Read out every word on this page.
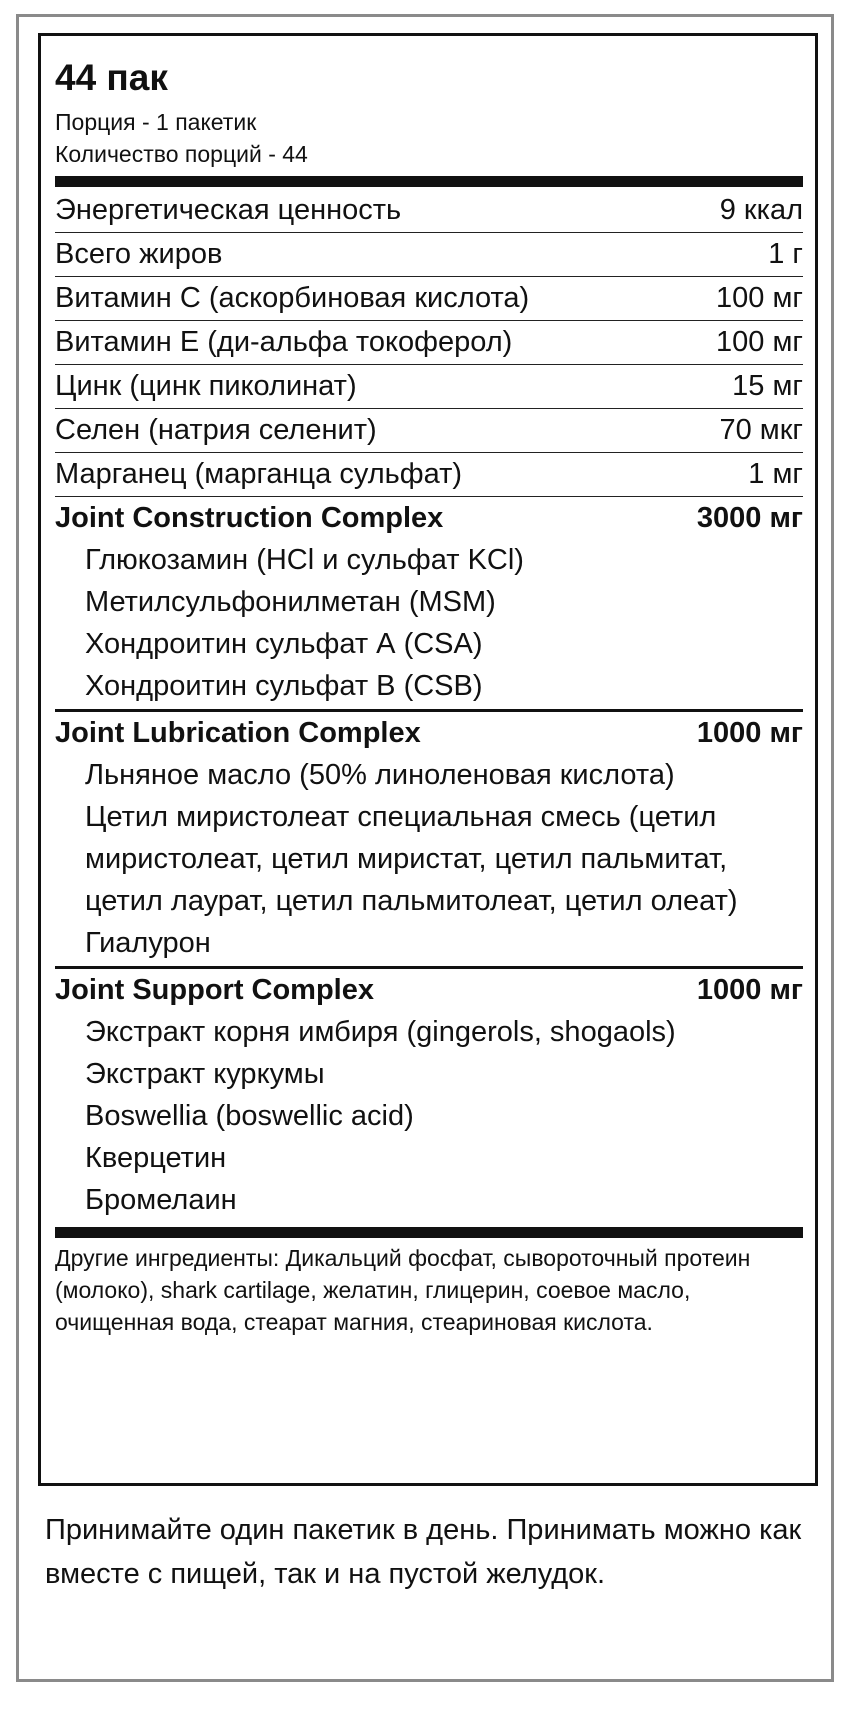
44 пак
Порция - 1 пакетик
Количество порций - 44
Энергетическая ценность	9 ккал
Всего жиров	1 г
Витамин С (аскорбиновая кислота)	100 мг
Витамин Е (ди-альфа токоферол)	100 мг
Цинк (цинк пиколинат)	15 мг
Селен (натрия селенит)	70 мкг
Марганец (марганца сульфат)	1 мг
Joint Construction Complex	3000 мг
Глюкозамин (HCl и сульфат KCl)
Метилсульфонилметан (MSM)
Хондроитин сульфат А (CSA)
Хондроитин сульфат B (CSB)
Joint Lubrication Complex	1000 мг
Льняное масло (50% линоленовая кислота)
Цетил миристолеат специальная смесь (цетил миристолеат, цетил миристат, цетил пальмитат, цетил лаурат, цетил пальмитолеат, цетил олеат)
Гиалурон
Joint Support Complex	1000 мг
Экстракт корня имбиря (gingerols, shogaols)
Экстракт куркумы
Boswellia (boswellic acid)
Кверцетин
Бромелаин
Другие ингредиенты: Дикальций фосфат, сывороточный протеин (молоко), shark cartilage, желатин, глицерин, соевое масло, очищенная вода, стеарат магния, стеариновая кислота.
Принимайте один пакетик в день. Принимать можно как вместе с пищей, так и на пустой желудок.
